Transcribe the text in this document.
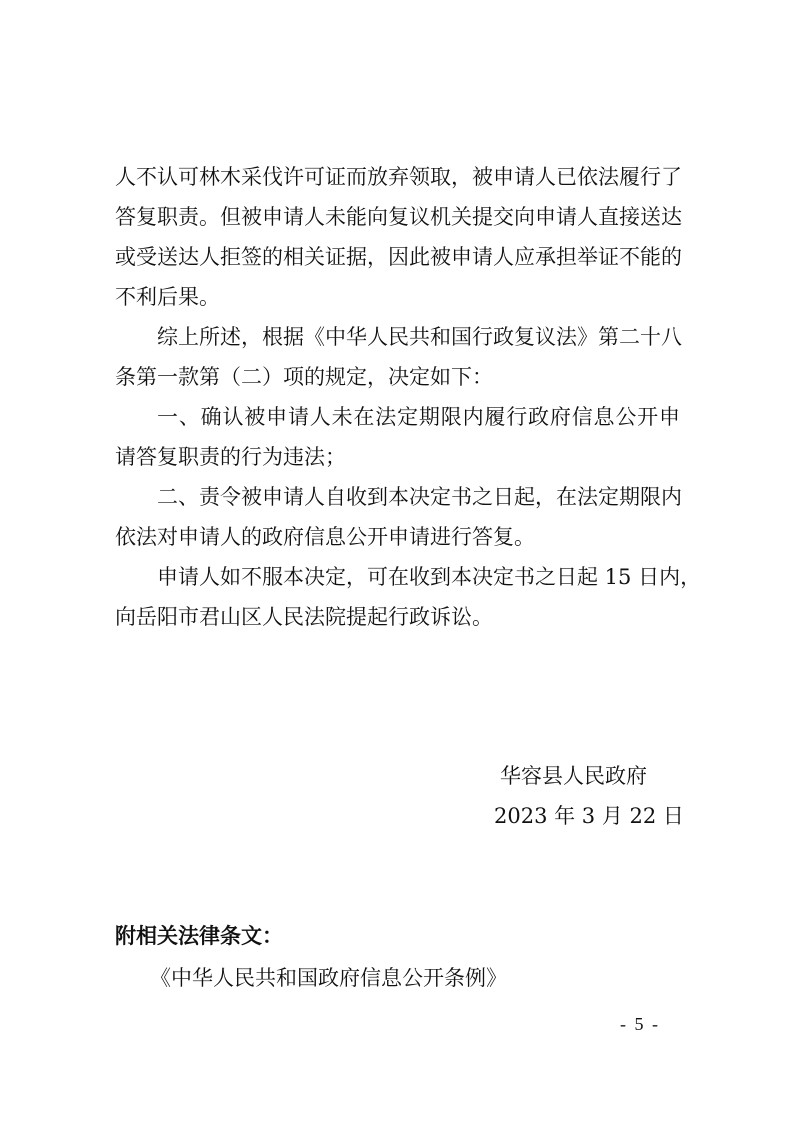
人不认可林木采伐许可证而放弃领取，被申请人已依法履行了
答复职责。但被申请人未能向复议机关提交向申请人直接送达
或受送达人拒签的相关证据，因此被申请人应承担举证不能的
不利后果。
综上所述，根据《中华人民共和国行政复议法》第二十八
条第一款第（二）项的规定，决定如下：
一、确认被申请人未在法定期限内履行政府信息公开申
请答复职责的行为违法；
二、责令被申请人自收到本决定书之日起，在法定期限内
依法对申请人的政府信息公开申请进行答复。
申请人如不服本决定，可在收到本决定书之日起 15 日内，
向岳阳市君山区人民法院提起行政诉讼。
华容县人民政府
2023 年 3 月 22 日
附相关法律条文：
《中华人民共和国政府信息公开条例》
- 5 -
